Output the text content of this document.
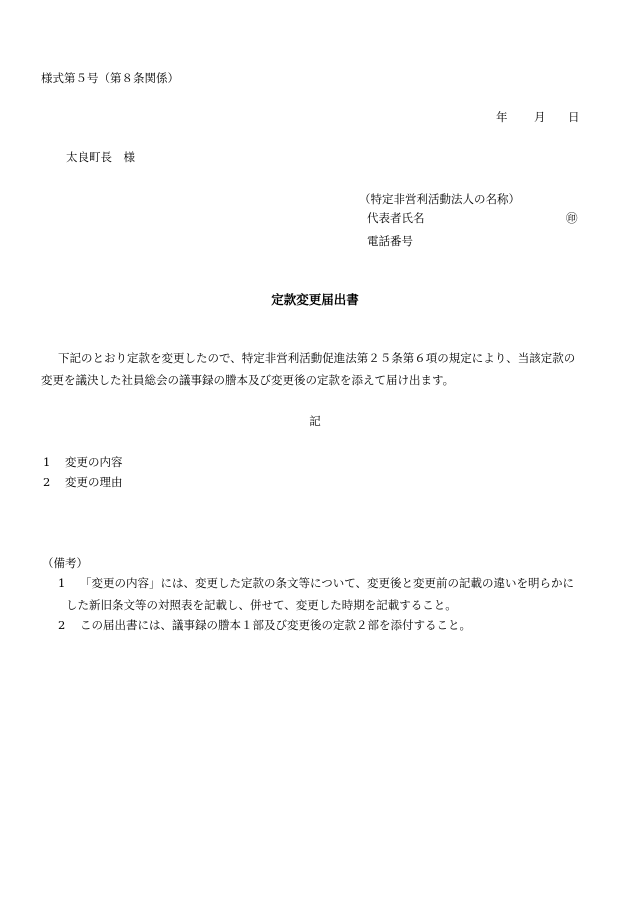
様式第５号（第８条関係）
年 月 日
太良町長　様
（特定非営利活動法人の名称）
代表者氏名	㊞
電話番号
定款変更届出書
下記のとおり定款を変更したので、特定非営利活動促進法第２５条第６項の規定により、当該定款の
変更を議決した社員総会の議事録の謄本及び変更後の定款を添えて届け出ます。
記
1 変更の内容
2 変更の理由
（備考）
1 「変更の内容」には、変更した定款の条文等について、変更後と変更前の記載の違いを明らかに
した新旧条文等の対照表を記載し、併せて、変更した時期を記載すること。
2 この届出書には、議事録の謄本１部及び変更後の定款２部を添付すること。
